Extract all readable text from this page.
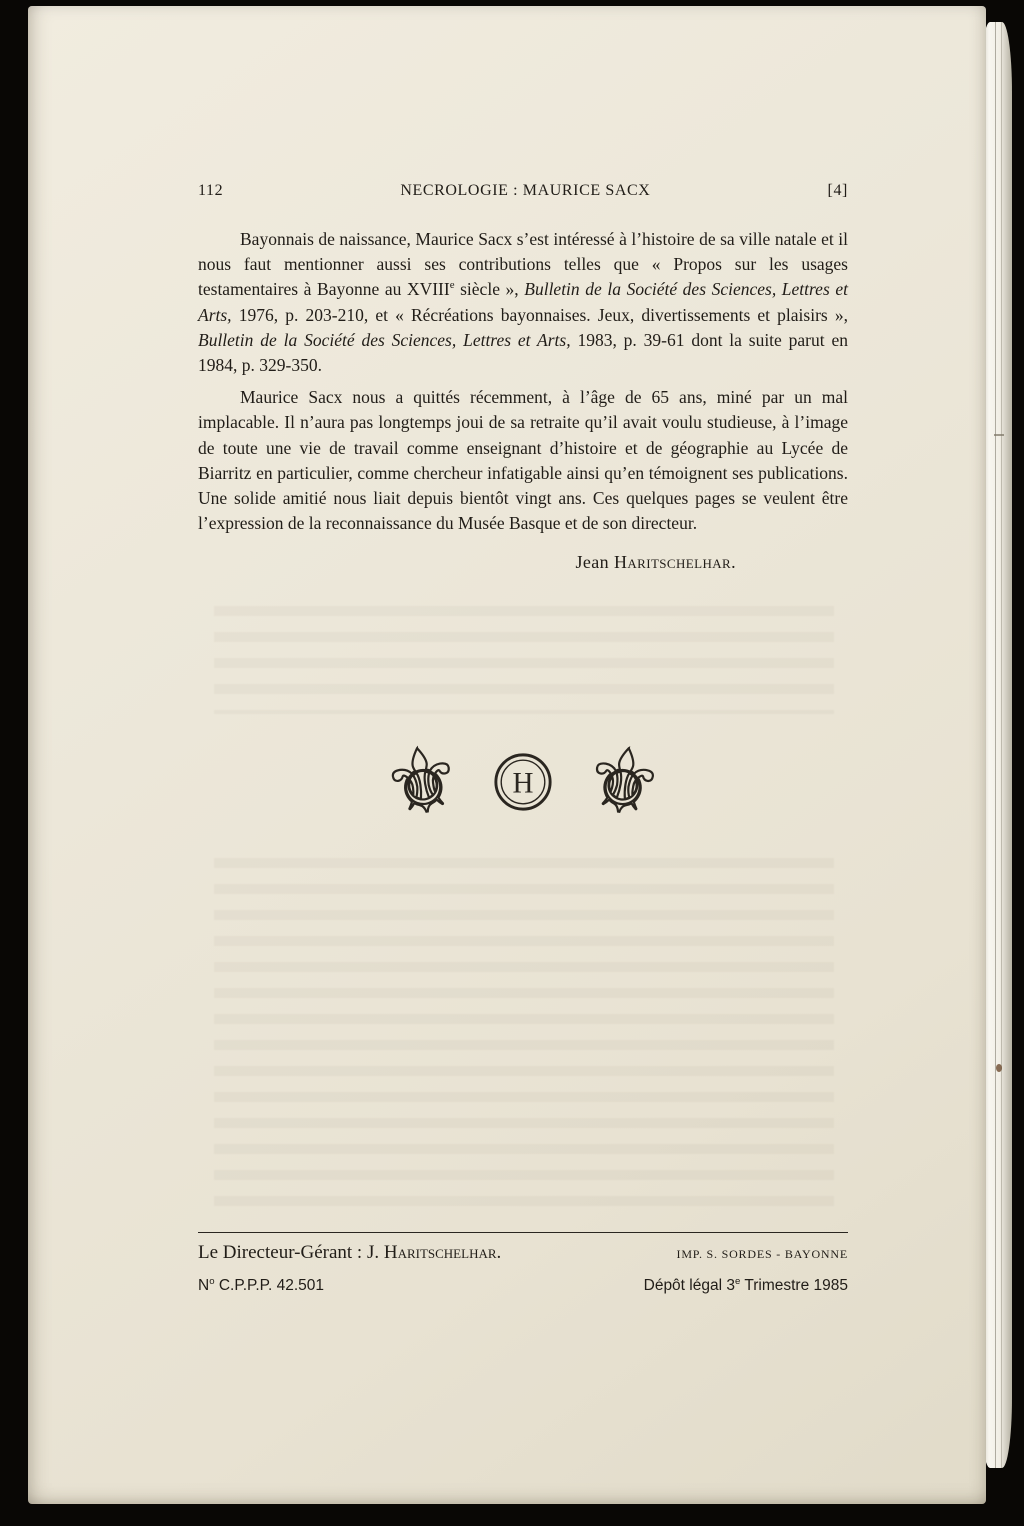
112	NECROLOGIE : MAURICE SACX	[4]

Bayonnais de naissance, Maurice Sacx s’est intéressé à l’histoire de sa ville natale et il nous faut mentionner aussi ses contributions telles que « Propos sur les usages testamentaires à Bayonne au XVIIIe siècle », Bulletin de la Société des Sciences, Lettres et Arts, 1976, p. 203-210, et « Récréations bayonnaises. Jeux, divertissements et plaisirs », Bulletin de la Société des Sciences, Lettres et Arts, 1983, p. 39-61 dont la suite parut en 1984, p. 329-350.

Maurice Sacx nous a quittés récemment, à l’âge de 65 ans, miné par un mal implacable. Il n’aura pas longtemps joui de sa retraite qu’il avait voulu studieuse, à l’image de toute une vie de travail comme enseignant d’histoire et de géographie au Lycée de Biarritz en particulier, comme chercheur infatigable ainsi qu’en témoignent ses publications. Une solide amitié nous liait depuis bientôt vingt ans. Ces quelques pages se veulent être l’expression de la reconnaissance du Musée Basque et de son directeur.

Jean Haritschelhar.

⚜ H ⚜
Le Directeur-Gérant : J. Haritschelhar.	IMP. S. SORDES - BAYONNE
$N^o$ C.P.P.P. 42.501	Dépôt légal 3e Trimestre 1985
